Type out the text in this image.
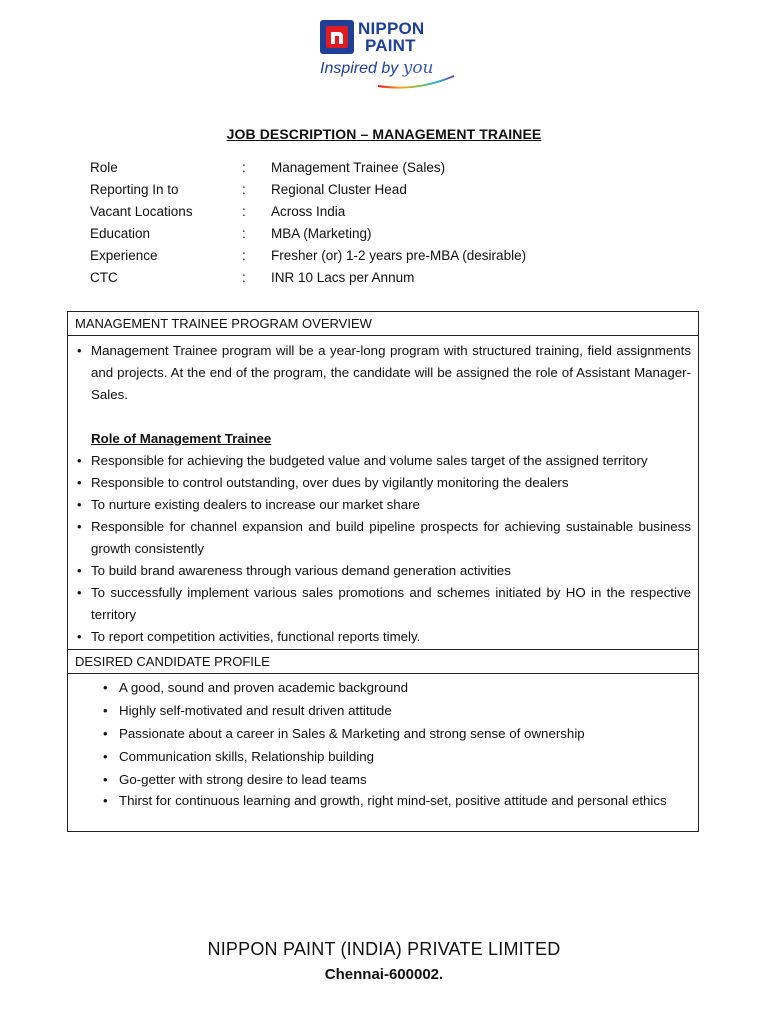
NIPPON
PAINT
Inspired by you
JOB DESCRIPTION – MANAGEMENT TRAINEE
Role	: Management Trainee (Sales)
Reporting In to	: Regional Cluster Head
Vacant Locations	: Across India
Education	: MBA (Marketing)
Experience	: Fresher (or) 1-2 years pre-MBA (desirable)
CTC	: INR 10 Lacs per Annum
MANAGEMENT TRAINEE PROGRAM OVERVIEW
• Management Trainee program will be a year-long program with structured training, field assignments and projects. At the end of the program, the candidate will be assigned the role of Assistant Manager-Sales.
Role of Management Trainee
• Responsible for achieving the budgeted value and volume sales target of the assigned territory
• Responsible to control outstanding, over dues by vigilantly monitoring the dealers
• To nurture existing dealers to increase our market share
• Responsible for channel expansion and build pipeline prospects for achieving sustainable business growth consistently
• To build brand awareness through various demand generation activities
• To successfully implement various sales promotions and schemes initiated by HO in the respective territory
• To report competition activities, functional reports timely.
DESIRED CANDIDATE PROFILE
• A good, sound and proven academic background
• Highly self-motivated and result driven attitude
• Passionate about a career in Sales & Marketing and strong sense of ownership
• Communication skills, Relationship building
• Go-getter with strong desire to lead teams
• Thirst for continuous learning and growth, right mind-set, positive attitude and personal ethics
NIPPON PAINT (INDIA) PRIVATE LIMITED
Chennai-600002.
